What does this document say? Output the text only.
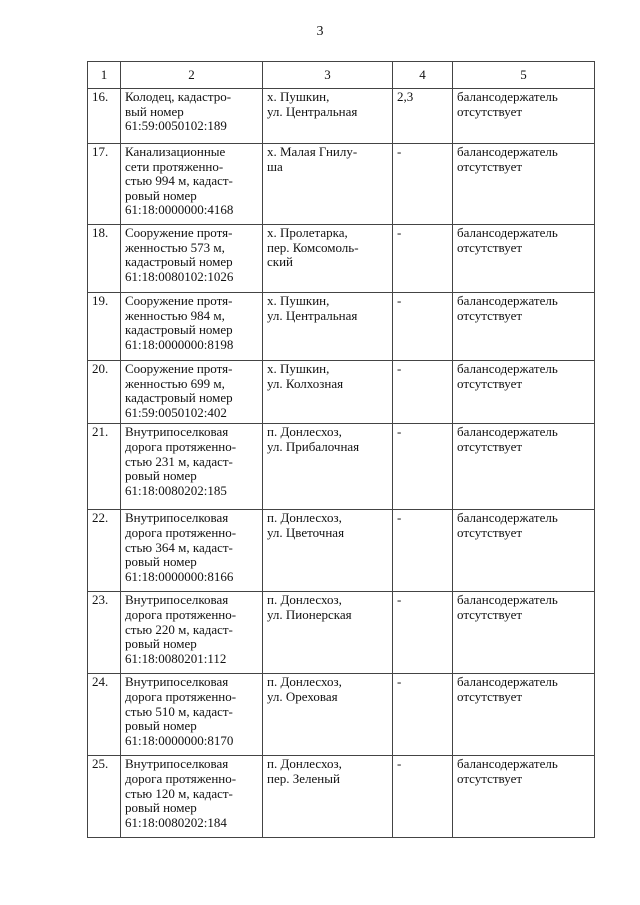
3
1	2	3	4	5

16.	Колодец, кадастро-
вый номер
61:59:0050102:189	х. Пушкин,
ул. Центральная	2,3	балансодержатель
отсутствует

17.	Канализационные
сети протяженно-
стью 994 м, кадаст-
ровый номер
61:18:0000000:4168	х. Малая Гнилу-
ша	-	балансодержатель
отсутствует

18.	Сооружение протя-
женностью 573 м,
кадастровый номер
61:18:0080102:1026	х. Пролетарка,
пер. Комсомоль-
ский	-	балансодержатель
отсутствует

19.	Сооружение протя-
женностью 984 м,
кадастровый номер
61:18:0000000:8198	х. Пушкин,
ул. Центральная	-	балансодержатель
отсутствует

20.	Сооружение протя-
женностью 699 м,
кадастровый номер
61:59:0050102:402	х. Пушкин,
ул. Колхозная	-	балансодержатель
отсутствует

21.	Внутрипоселковая
дорога протяженно-
стью 231 м, кадаст-
ровый номер
61:18:0080202:185	п. Донлесхоз,
ул. Прибалочная	-	балансодержатель
отсутствует

22.	Внутрипоселковая
дорога протяженно-
стью 364 м, кадаст-
ровый номер
61:18:0000000:8166	п. Донлесхоз,
ул. Цветочная	-	балансодержатель
отсутствует

23.	Внутрипоселковая
дорога протяженно-
стью 220 м, кадаст-
ровый номер
61:18:0080201:112	п. Донлесхоз,
ул. Пионерская	-	балансодержатель
отсутствует

24.	Внутрипоселковая
дорога протяженно-
стью 510 м, кадаст-
ровый номер
61:18:0000000:8170	п. Донлесхоз,
ул. Ореховая	-	балансодержатель
отсутствует

25.	Внутрипоселковая
дорога протяженно-
стью 120 м, кадаст-
ровый номер
61:18:0080202:184	п. Донлесхоз,
пер. Зеленый	-	балансодержатель
отсутствует
